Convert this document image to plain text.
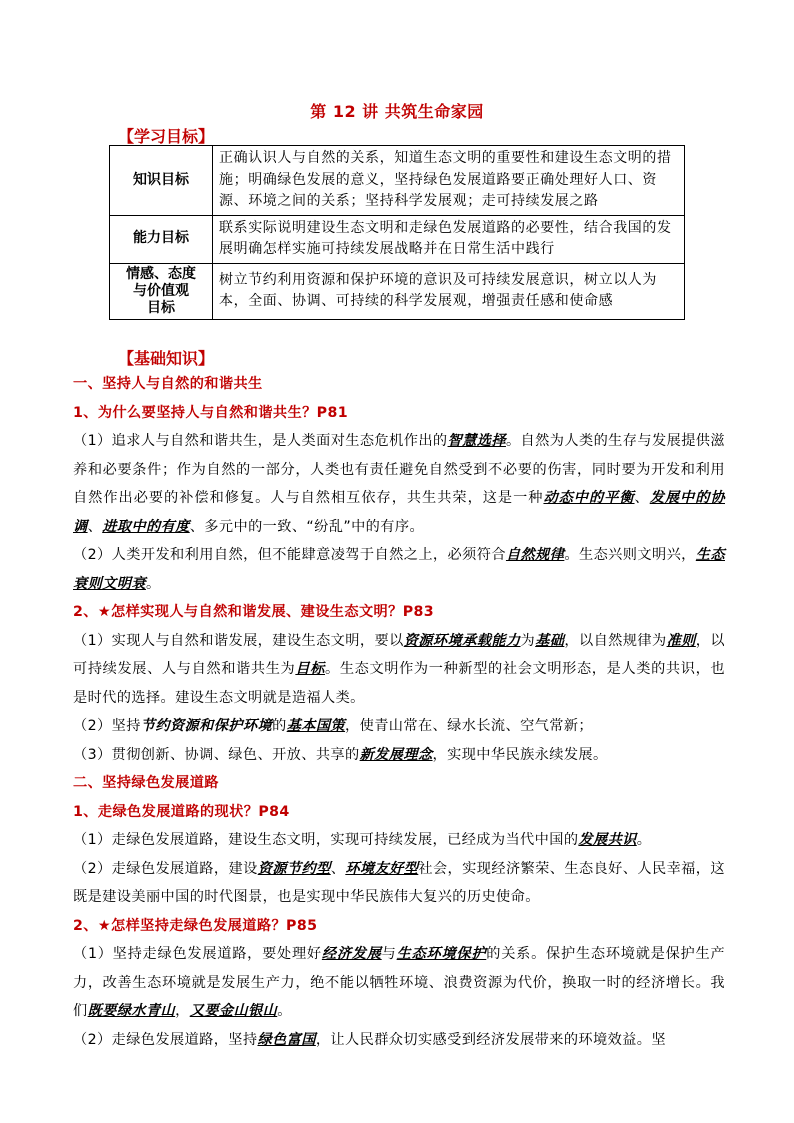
第 12 讲 共筑生命家园
【学习目标】
知识目标	正确认识人与自然的关系，知道生态文明的重要性和建设生态文明的措施；明确绿色发展的意义，坚持绿色发展道路要正确处理好人口、资源、环境之间的关系；坚持科学发展观；走可持续发展之路
能力目标	联系实际说明建设生态文明和走绿色发展道路的必要性，结合我国的发展明确怎样实施可持续发展战略并在日常生活中践行

情感、态度
与价值观
目标	树立节约利用资源和保护环境的意识及可持续发展意识，树立以人为本，全面、协调、可持续的科学发展观，增强责任感和使命感
【基础知识】

一、坚持人与自然的和谐共生

1、为什么要坚持人与自然和谐共生？P81

（1）追求人与自然和谐共生，是人类面对生态危机作出的智慧选择。自然为人类的生存与发展提供滋养和必要条件；作为自然的一部分，人类也有责任避免自然受到不必要的伤害，同时要为开发和利用自然作出必要的补偿和修复。人与自然相互依存，共生共荣，这是一种动态中的平衡、发展中的协调、进取中的有度、多元中的一致、“纷乱”中的有序。

（2）人类开发和利用自然，但不能肆意凌驾于自然之上，必须符合自然规律。生态兴则文明兴，生态衰则文明衰。

2、★怎样实现人与自然和谐发展、建设生态文明？P83

（1）实现人与自然和谐发展，建设生态文明，要以资源环境承载能力为基础，以自然规律为准则，以可持续发展、人与自然和谐共生为目标。生态文明作为一种新型的社会文明形态，是人类的共识，也是时代的选择。建设生态文明就是造福人类。

（2）坚持节约资源和保护环境的基本国策，使青山常在、绿水长流、空气常新；

（3）贯彻创新、协调、绿色、开放、共享的新发展理念，实现中华民族永续发展。

二、坚持绿色发展道路

1、走绿色发展道路的现状？P84

（1）走绿色发展道路，建设生态文明，实现可持续发展，已经成为当代中国的发展共识。

（2）走绿色发展道路，建设资源节约型、环境友好型社会，实现经济繁荣、生态良好、人民幸福，这既是建设美丽中国的时代图景，也是实现中华民族伟大复兴的历史使命。

2、★怎样坚持走绿色发展道路？P85

（1）坚持走绿色发展道路，要处理好经济发展与生态环境保护的关系。保护生态环境就是保护生产力，改善生态环境就是发展生产力，绝不能以牺牲环境、浪费资源为代价，换取一时的经济增长。我们既要绿水青山，又要金山银山。

（2）走绿色发展道路，坚持绿色富国，让人民群众切实感受到经济发展带来的环境效益。坚
